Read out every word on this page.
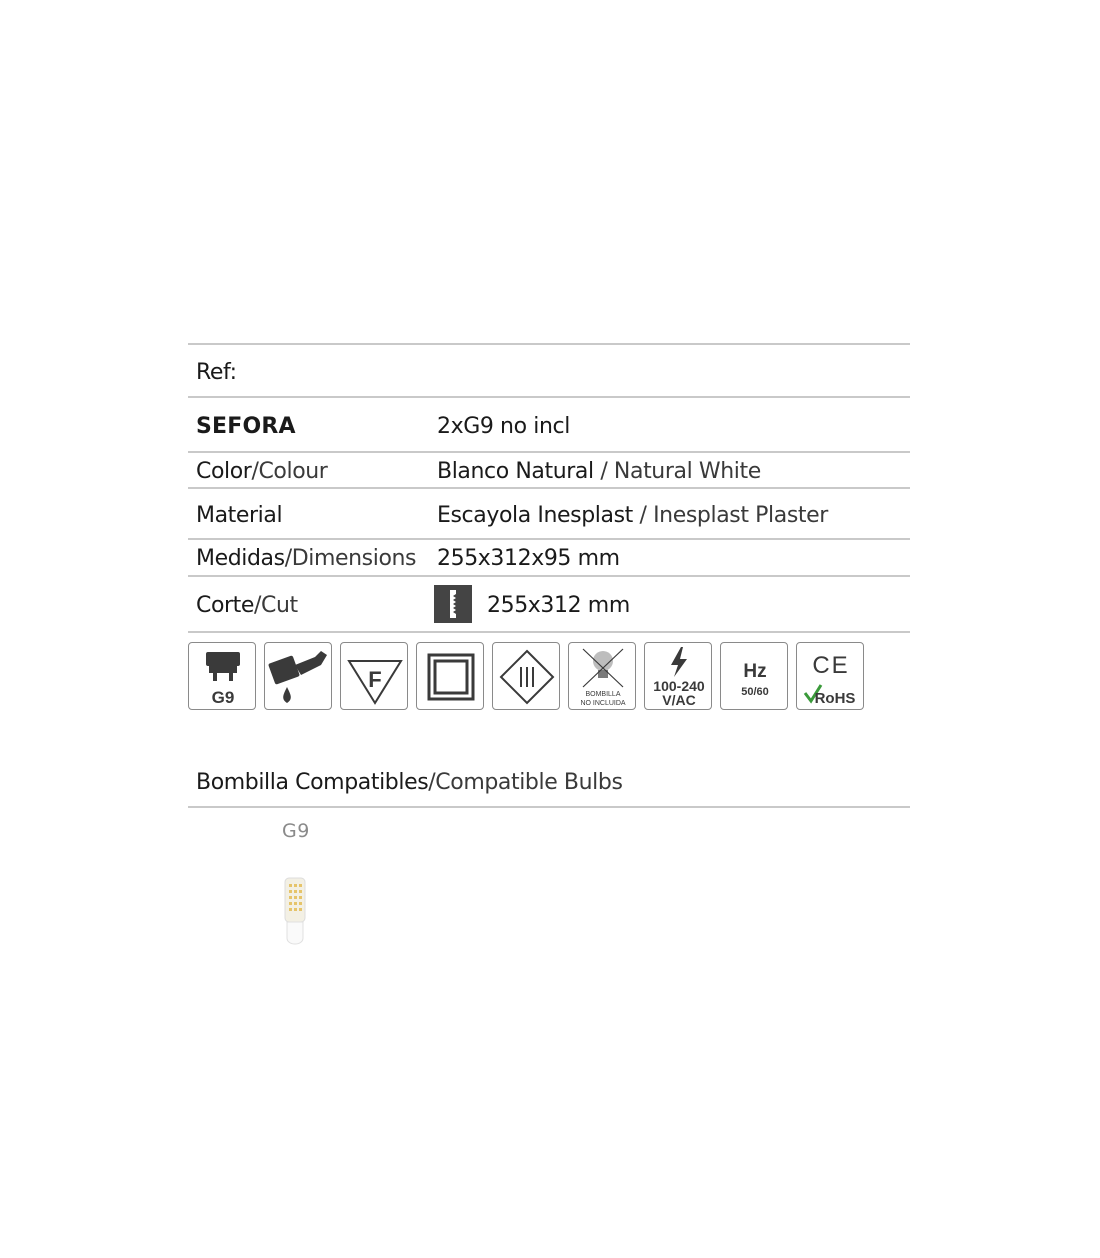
Ref:
SEFORA	2xG9 no incl
Color/Colour	Blanco Natural / Natural White
Material	Escayola Inesplast / Inesplast Plaster
Medidas/Dimensions 255x312x95 mm
Corte/Cut	255x312 mm
G9
F
BOMBILLA
NO INCLUIDA
100-240
V/AC
Hz
50/60
CE
RoHS
Bombilla Compatibles/Compatible Bulbs
G9
